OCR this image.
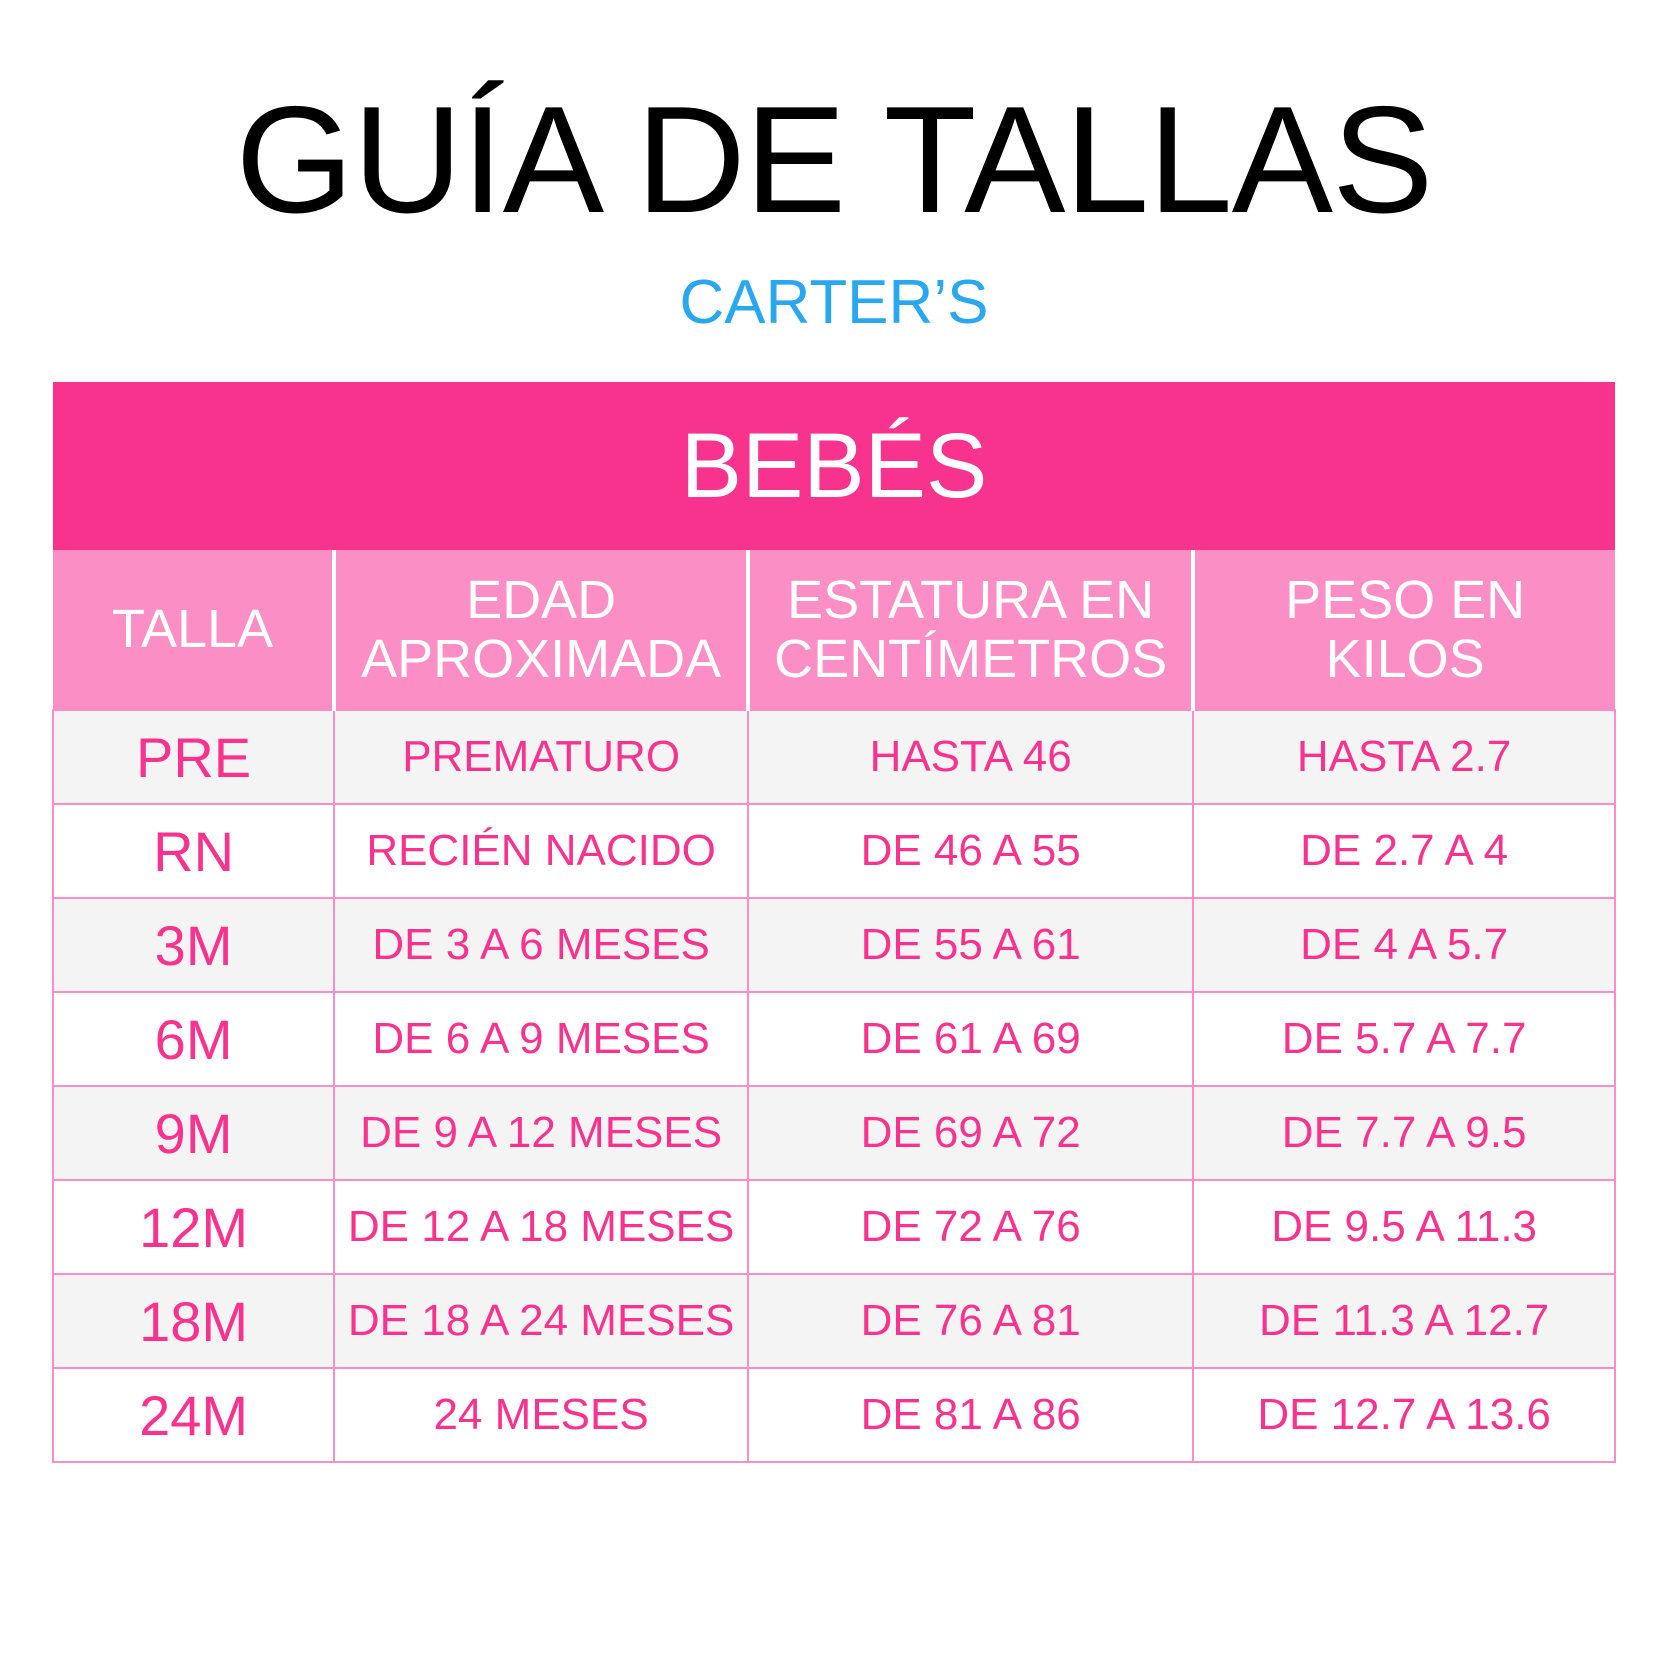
GUÍA DE TALLAS
CARTER’S
BEBÉS			
TALLA	EDAD APROXIMADA	ESTATURA EN CENTÍMETROS	PESO EN KILOS
PRE	PREMATURO	HASTA 46	HASTA 2.7
RN	RECIÉN NACIDO	DE 46 A 55	DE 2.7 A 4
3M	DE 3 A 6 MESES	DE 55 A 61	DE 4 A 5.7
6M	DE 6 A 9 MESES	DE 61 A 69	DE 5.7 A 7.7
9M	DE 9 A 12 MESES	DE 69 A 72	DE 7.7 A 9.5
12M	DE 12 A 18 MESES	DE 72 A 76	DE 9.5 A 11.3
18M	DE 18 A 24 MESES	DE 76 A 81	DE 11.3 A 12.7
24M	24 MESES	DE 81 A 86	DE 12.7 A 13.6
